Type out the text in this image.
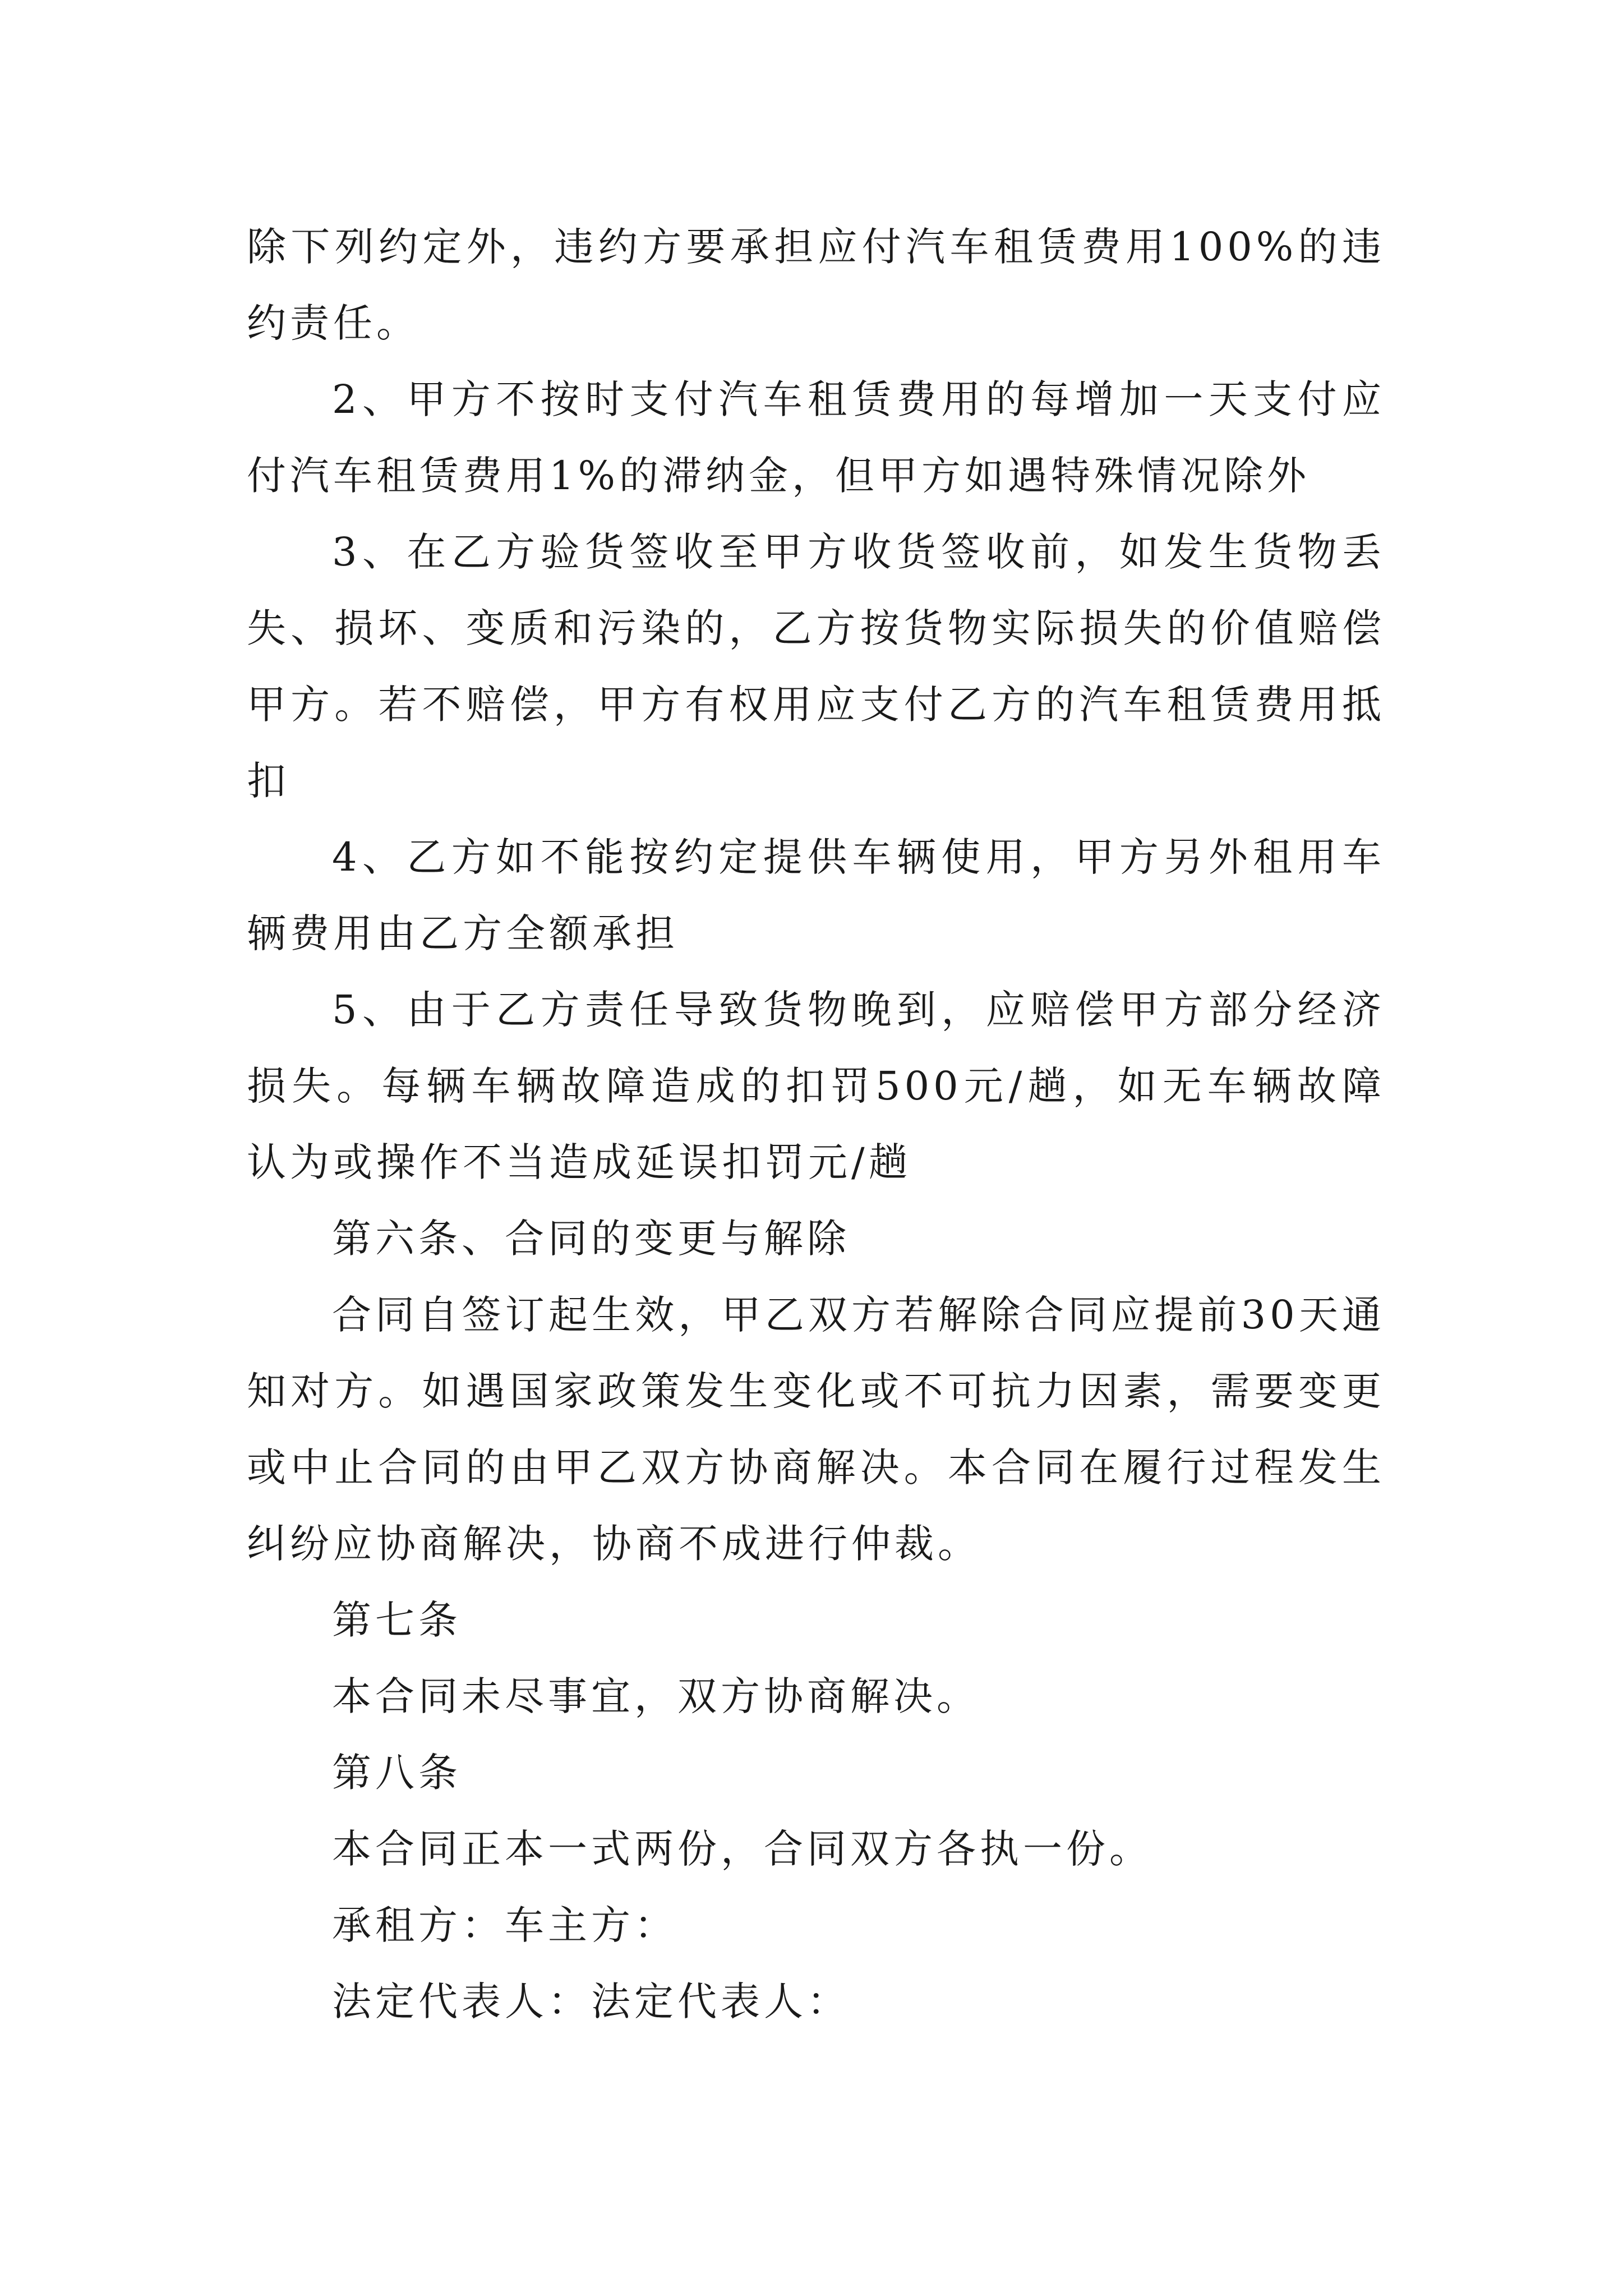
除下列约定外，违约方要承担应付汽车租赁费用100%的违约责任。

2、甲方不按时支付汽车租赁费用的每增加一天支付应付汽车租赁费用1%的滞纳金，但甲方如遇特殊情况除外

3、在乙方验货签收至甲方收货签收前，如发生货物丢失、损坏、变质和污染的，乙方按货物实际损失的价值赔偿甲方。若不赔偿，甲方有权用应支付乙方的汽车租赁费用抵扣

4、乙方如不能按约定提供车辆使用，甲方另外租用车辆费用由乙方全额承担

5、由于乙方责任导致货物晚到，应赔偿甲方部分经济损失。每辆车辆故障造成的扣罚500元/趟，如无车辆故障认为或操作不当造成延误扣罚元/趟

第六条、合同的变更与解除

合同自签订起生效，甲乙双方若解除合同应提前30天通知对方。如遇国家政策发生变化或不可抗力因素，需要变更或中止合同的由甲乙双方协商解决。本合同在履行过程发生纠纷应协商解决，协商不成进行仲裁。

第七条

本合同未尽事宜，双方协商解决。

第八条

本合同正本一式两份，合同双方各执一份。

承租方：车主方：

法定代表人：法定代表人：
